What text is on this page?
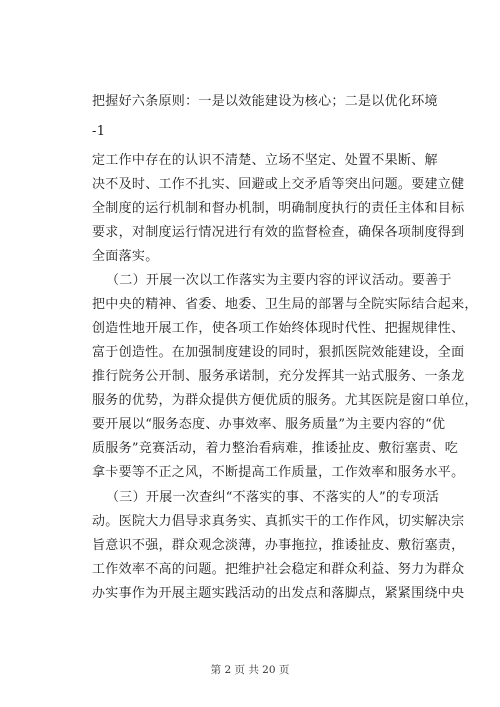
把握好六条原则：一是以效能建设为核心；二是以优化环境
-1
定工作中存在的认识不清楚、立场不坚定、处置不果断、解
决不及时、工作不扎实、回避或上交矛盾等突出问题。要建立健
全制度的运行机制和督办机制，明确制度执行的责任主体和目标
要求，对制度运行情况进行有效的监督检查，确保各项制度得到
全面落实。
（二）开展一次以工作落实为主要内容的评议活动。要善于
把中央的精神、省委、地委、卫生局的部署与全院实际结合起来，
创造性地开展工作，使各项工作始终体现时代性、把握规律性、
富于创造性。在加强制度建设的同时，狠抓医院效能建设，全面
推行院务公开制、服务承诺制，充分发挥其一站式服务、一条龙
服务的优势，为群众提供方便优质的服务。尤其医院是窗口单位，
要开展以“服务态度、办事效率、服务质量”为主要内容的“优
质服务”竞赛活动，着力整治看病难，推诿扯皮、敷衍塞责、吃
拿卡要等不正之风，不断提高工作质量，工作效率和服务水平。
（三）开展一次查纠“不落实的事、不落实的人”的专项活
动。医院大力倡导求真务实、真抓实干的工作作风，切实解决宗
旨意识不强，群众观念淡薄，办事拖拉，推诿扯皮、敷衍塞责，
工作效率不高的问题。把维护社会稳定和群众利益、努力为群众
办实事作为开展主题实践活动的出发点和落脚点，紧紧围绕中央
第 2 页 共 20 页
